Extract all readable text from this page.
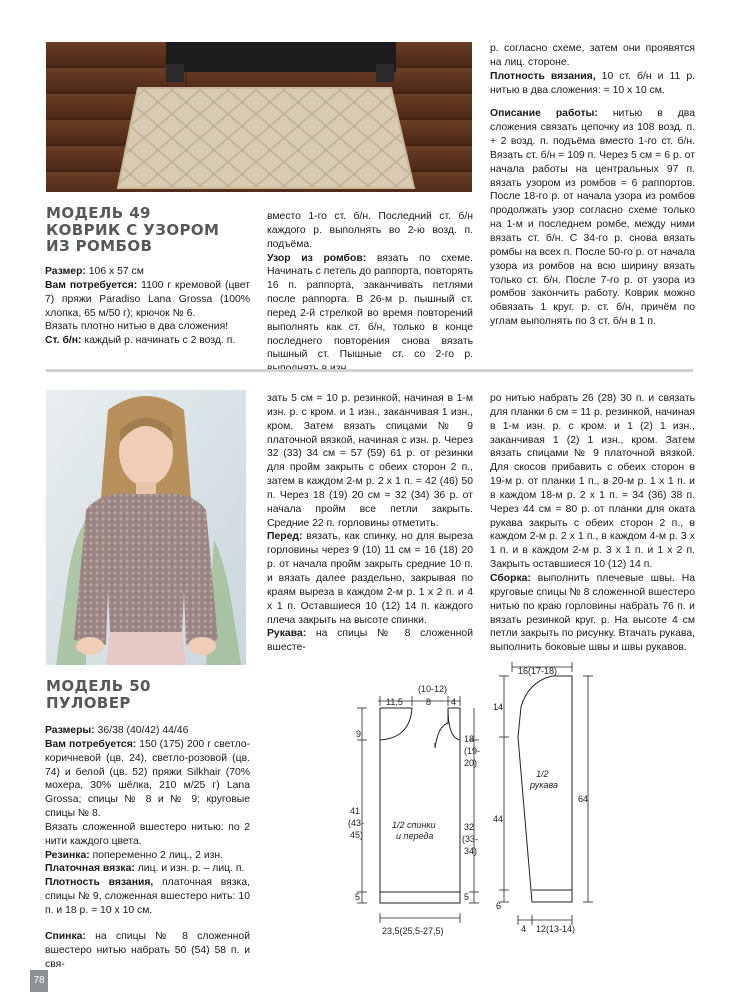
МОДЕЛЬ 49
КОВРИК С УЗОРОМ
ИЗ РОМБОВ

Размер: 106 х 57 см

Вам потребуется: 1100 г кремовой (цвет 7) пряжи Paradiso Lana Grossa (100% хлопка, 65 м/50 г); крючок № 6.

Вязать плотно нитью в два сложения!

Ст. б/н: каждый р. начинать с 2 возд. п.

вместо 1-го ст. б/н. Последний ст. б/н каждого р. выполнять во 2-ю возд. п. подъёма.

Узор из ромбов: вязать по схеме. Начинать с петель до раппорта, повторять 16 п. раппорта, заканчивать петлями после раппорта. В 26-м р. пышный ст. перед 2-й стрелкой во время повторений выполнять как ст. б/н, только в конце последнего повторения снова вязать пышный ст. Пышные ст. со 2-го р.

р. согласно схеме, затем они проявятся на лиц. стороне.

Плотность вязания, 10 ст. б/н и 11 р. нитью в два сложения: = 10 х 10 см.

Описание работы: нитью в два сложения связать цепочку из 108 возд. п. + 2 возд. п. подъёма вместо 1-го ст. б/н. Вязать ст. б/н = 109 п. Через 5 см = 6 р. от начала работы на центральных 97 п. вязать узором из ромбов = 6 раппортов. После 18-го р. от начала узора из ромбов продолжать узор согласно схеме только на 1-м и последнем ромбе, между ними вязать ст. б/н. С 34-го р. снова вязать ромбы на всех п. После 50-го р. от начала узора из ромбов на всю ширину вязать только ст. б/н. После 7-го р. от узора из ромбов закончить работу. Коврик можно обвязать 1 круг. р. ст. б/н, причём по углам выполнять по 3 ст. б/н в 1 п.

МОДЕЛЬ 50
ПУЛОВЕР

Размеры: 36/38 (40/42) 44/46

Вам потребуется: 150 (175) 200 г светло-коричневой (цв. 24), светло-розовой (цв. 74) и белой (цв. 52) пряжи Silkhair (70% мохера, 30% шёлка, 210 м/25 г) Lana Grossa; спицы № 8 и № 9; круговые спицы № 8.

Вязать сложенной вшестеро нитью: по 2 нити каждого цвета.

Резинка: попеременно 2 лиц., 2 изн.

Платочная вязка: лиц. и изн. р. – лиц. п.

Плотность вязания, платочная вязка, спицы № 9, сложенная вшестеро нить: 10 п. и 18 р. = 10 х 10 см.

Спинка: на спицы № 8 сложенной вшестеро нитью набрать 50 (54) 58 п. и свя-

зать 5 см = 10 р. резинкой, начиная в 1-м изн. р. с кром. и 1 изн., заканчивая 1 изн., кром. Затем вязать спицами № 9 платочной вязкой, начиная с изн. р. Через 32 (33) 34 см = 57 (59) 61 р. от резинки для пройм закрыть с обеих сторон 2 п., затем в каждом 2-м р. 2 х 1 п. = 42 (46) 50 п. Через 18 (19) 20 см = 32 (34) 36 р. от начала пройм все петли закрыть. Средние 22 п. горловины отметить.

Перед: вязать, как спинку, но для выреза горловины через 9 (10) 11 см = 16 (18) 20 р. от начала пройм закрыть средние 10 п. и вязать далее раздельно, закрывая по краям выреза в каждом 2-м р. 1 х 2 п. и 4 х 1 п. Оставшиеся 10 (12) 14 п. каждого плеча закрыть на высоте спинки.

Рукава: на спицы № 8 сложенной вшесте-

ро нитью набрать 26 (28) 30 п. и связать для планки 6 см = 11 р. резинкой, начиная в 1-м изн. р. с кром. и 1 (2) 1 изн., заканчивая 1 (2) 1 изн., кром. Затем вязать спицами № 9 платочной вязкой. Для скосов прибавить с обеих сторон в 19-м р. от планки 1 п., в 20-м р. 1 х 1 п. и в каждом 18-м р. 2 х 1 п. = 34 (36) 38 п. Через 44 см = 80 р. от планки для оката рукава закрыть с обеих сторон 2 п., в каждом 2-м р. 2 х 1 п., в каждом 4-м р. 3 х 1 п. и в каждом 2-м р. 3 х 1 п. и 1 х 2 п. Закрыть оставшиеся 10 (12) 14 п.

Сборка: выполнить плечевые швы. На круговые спицы № 8 сложенной вшестеро нитью по краю горловины набрать 76 п. и вязать резинкой круг. р. На высоте 4 см петли закрыть по рисунку. Втачать рукава, выполнить боковые швы и швы рукавов.

(10-12)
11,5	8 4
9	18
(19-
20)
41
(43-
45)
32
(33-
34)
1/2 спинки
и переда
5	5
23,5(25,5-27,5)
16(17-18)
14
44
64
6
1/2
рукава
4 12(13-14)
78
